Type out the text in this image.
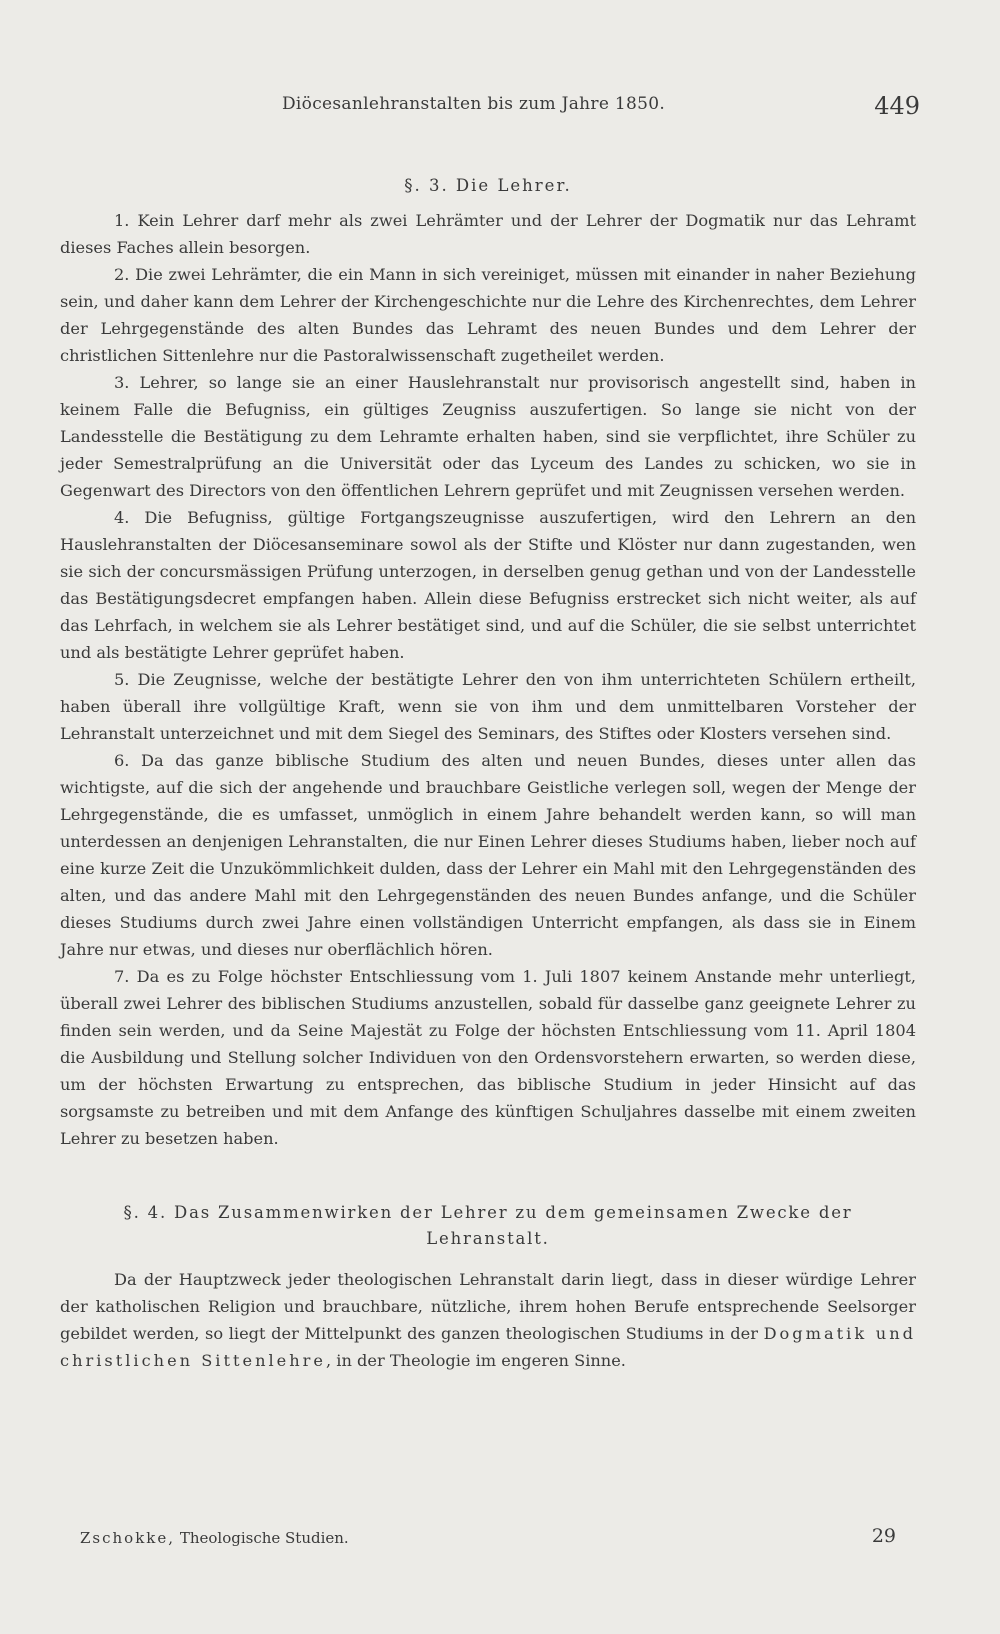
Diöcesanlehranstalten bis zum Jahre 1850.	449
§. 3. Die Lehrer.

1. Kein Lehrer darf mehr als zwei Lehrämter und der Lehrer der Dogmatik nur das Lehramt dieses Faches allein besorgen.

2. Die zwei Lehrämter, die ein Mann in sich vereiniget, müssen mit einander in naher Beziehung sein, und daher kann dem Lehrer der Kirchengeschichte nur die Lehre des Kirchenrechtes, dem Lehrer der Lehrgegenstände des alten Bundes das Lehramt des neuen Bundes und dem Lehrer der christlichen Sittenlehre nur die Pastoralwissenschaft zugetheilet werden.

3. Lehrer, so lange sie an einer Hauslehranstalt nur provisorisch angestellt sind, haben in keinem Falle die Befugniss, ein gültiges Zeugniss auszufertigen. So lange sie nicht von der Landesstelle die Bestätigung zu dem Lehramte erhalten haben, sind sie verpflichtet, ihre Schüler zu jeder Semestralprüfung an die Universität oder das Lyceum des Landes zu schicken, wo sie in Gegenwart des Directors von den öffentlichen Lehrern geprüfet und mit Zeugnissen versehen werden.

4. Die Befugniss, gültige Fortgangszeugnisse auszufertigen, wird den Lehrern an den Hauslehranstalten der Diöcesanseminare sowol als der Stifte und Klöster nur dann zugestanden, wen sie sich der concursmässigen Prüfung unterzogen, in derselben genug gethan und von der Landesstelle das Bestätigungsdecret empfangen haben. Allein diese Befugniss erstrecket sich nicht weiter, als auf das Lehrfach, in welchem sie als Lehrer bestätiget sind, und auf die Schüler, die sie selbst unterrichtet und als bestätigte Lehrer geprüfet haben.

5. Die Zeugnisse, welche der bestätigte Lehrer den von ihm unterrichteten Schülern ertheilt, haben überall ihre vollgültige Kraft, wenn sie von ihm und dem unmittelbaren Vorsteher der Lehranstalt unterzeichnet und mit dem Siegel des Seminars, des Stiftes oder Klosters versehen sind.

6. Da das ganze biblische Studium des alten und neuen Bundes, dieses unter allen das wichtigste, auf die sich der angehende und brauchbare Geistliche verlegen soll, wegen der Menge der Lehrgegenstände, die es umfasset, unmöglich in einem Jahre behandelt werden kann, so will man unterdessen an denjenigen Lehranstalten, die nur Einen Lehrer dieses Studiums haben, lieber noch auf eine kurze Zeit die Unzukömmlichkeit dulden, dass der Lehrer ein Mahl mit den Lehrgegenständen des alten, und das andere Mahl mit den Lehrgegenständen des neuen Bundes anfange, und die Schüler dieses Studiums durch zwei Jahre einen vollständigen Unterricht empfangen, als dass sie in Einem Jahre nur etwas, und dieses nur oberflächlich hören.

7. Da es zu Folge höchster Entschliessung vom 1. Juli 1807 keinem Anstande mehr unterliegt, überall zwei Lehrer des biblischen Studiums anzustellen, sobald für dasselbe ganz geeignete Lehrer zu finden sein werden, und da Seine Majestät zu Folge der höchsten Entschliessung vom 11. April 1804 die Ausbildung und Stellung solcher Individuen von den Ordensvorstehern erwarten, so werden diese, um der höchsten Erwartung zu entsprechen, das biblische Studium in jeder Hinsicht auf das sorgsamste zu betreiben und mit dem Anfange des künftigen Schuljahres dasselbe mit einem zweiten Lehrer zu besetzen haben.

§. 4. Das Zusammenwirken der Lehrer zu dem gemeinsamen Zwecke der Lehranstalt.

Da der Hauptzweck jeder theologischen Lehranstalt darin liegt, dass in dieser würdige Lehrer der katholischen Religion und brauchbare, nützliche, ihrem hohen Berufe entsprechende Seelsorger gebildet werden, so liegt der Mittelpunkt des ganzen theologischen Studiums in der Dogmatik und christlichen Sittenlehre, in der Theologie im engeren Sinne.

Zschokke, Theologische Studien.	29
